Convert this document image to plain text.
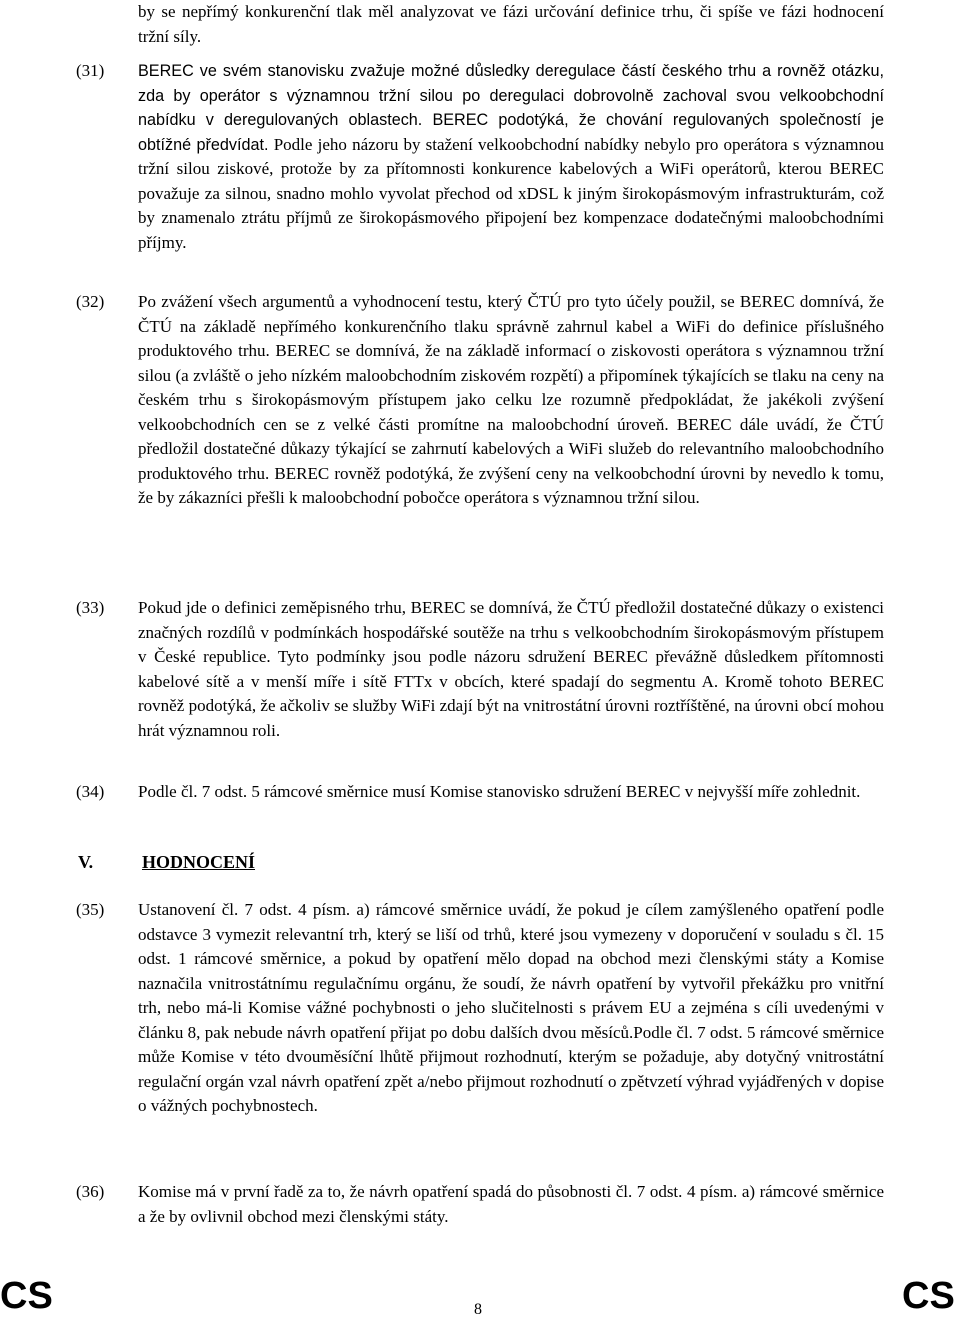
by se nepřímý konkurenční tlak měl analyzovat ve fázi určování definice trhu, či spíše ve fázi hodnocení tržní síly.

(31) BEREC ve svém stanovisku zvažuje možné důsledky deregulace částí českého trhu a rovněž otázku, zda by operátor s významnou tržní silou po deregulaci dobrovolně zachoval svou velkoobchodní nabídku v deregulovaných oblastech. BEREC podotýká, že chování regulovaných společností je obtížné předvídat. Podle jeho názoru by stažení velkoobchodní nabídky nebylo pro operátora s významnou tržní silou ziskové, protože by za přítomnosti konkurence kabelových a WiFi operátorů, kterou BEREC považuje za silnou, snadno mohlo vyvolat přechod od xDSL k jiným širokopásmovým infrastrukturám, což by znamenalo ztrátu příjmů ze širokopásmového připojení bez kompenzace dodatečnými maloobchodními příjmy.

(32) Po zvážení všech argumentů a vyhodnocení testu, který ČTÚ pro tyto účely použil, se BEREC domnívá, že ČTÚ na základě nepřímého konkurenčního tlaku správně zahrnul kabel a WiFi do definice příslušného produktového trhu. BEREC se domnívá, že na základě informací o ziskovosti operátora s významnou tržní silou (a zvláště o jeho nízkém maloobchodním ziskovém rozpětí) a připomínek týkajících se tlaku na ceny na českém trhu s širokopásmovým přístupem jako celku lze rozumně předpokládat, že jakékoli zvýšení velkoobchodních cen se z velké části promítne na maloobchodní úroveň. BEREC dále uvádí, že ČTÚ předložil dostatečné důkazy týkající se zahrnutí kabelových a WiFi služeb do relevantního maloobchodního produktového trhu. BEREC rovněž podotýká, že zvýšení ceny na velkoobchodní úrovni by nevedlo k tomu, že by zákazníci přešli k maloobchodní pobočce operátora s významnou tržní silou.

(33) Pokud jde o definici zeměpisného trhu, BEREC se domnívá, že ČTÚ předložil dostatečné důkazy o existenci značných rozdílů v podmínkách hospodářské soutěže na trhu s velkoobchodním širokopásmovým přístupem v České republice. Tyto podmínky jsou podle názoru sdružení BEREC převážně důsledkem přítomnosti kabelové sítě a v menší míře i sítě FTTx v obcích, které spadají do segmentu A. Kromě tohoto BEREC rovněž podotýká, že ačkoliv se služby WiFi zdají být na vnitrostátní úrovni roztříštěné, na úrovni obcí mohou hrát významnou roli.

(34) Podle čl. 7 odst. 5 rámcové směrnice musí Komise stanovisko sdružení BEREC v nejvyšší míře zohlednit.

V.	HODNOCENÍ
(35) Ustanovení čl. 7 odst. 4 písm. a) rámcové směrnice uvádí, že pokud je cílem zamýšleného opatření podle odstavce 3 vymezit relevantní trh, který se liší od trhů, které jsou vymezeny v doporučení v souladu s čl. 15 odst. 1 rámcové směrnice, a pokud by opatření mělo dopad na obchod mezi členskými státy a Komise naznačila vnitrostátnímu regulačnímu orgánu, že soudí, že návrh opatření by vytvořil překážku pro vnitřní trh, nebo má-li Komise vážné pochybnosti o jeho slučitelnosti s právem EU a zejména s cíli uvedenými v článku 8, pak nebude návrh opatření přijat po dobu dalších dvou měsíců.Podle čl. 7 odst. 5 rámcové směrnice může Komise v této dvouměsíční lhůtě přijmout rozhodnutí, kterým se požaduje, aby dotyčný vnitrostátní regulační orgán vzal návrh opatření zpět a/nebo přijmout rozhodnutí o zpětvzetí výhrad vyjádřených v dopise o vážných pochybnostech.

(36) Komise má v první řadě za to, že návrh opatření spadá do působnosti čl. 7 odst. 4 písm. a) rámcové směrnice a že by ovlivnil obchod mezi členskými státy.

CS	8	CS
